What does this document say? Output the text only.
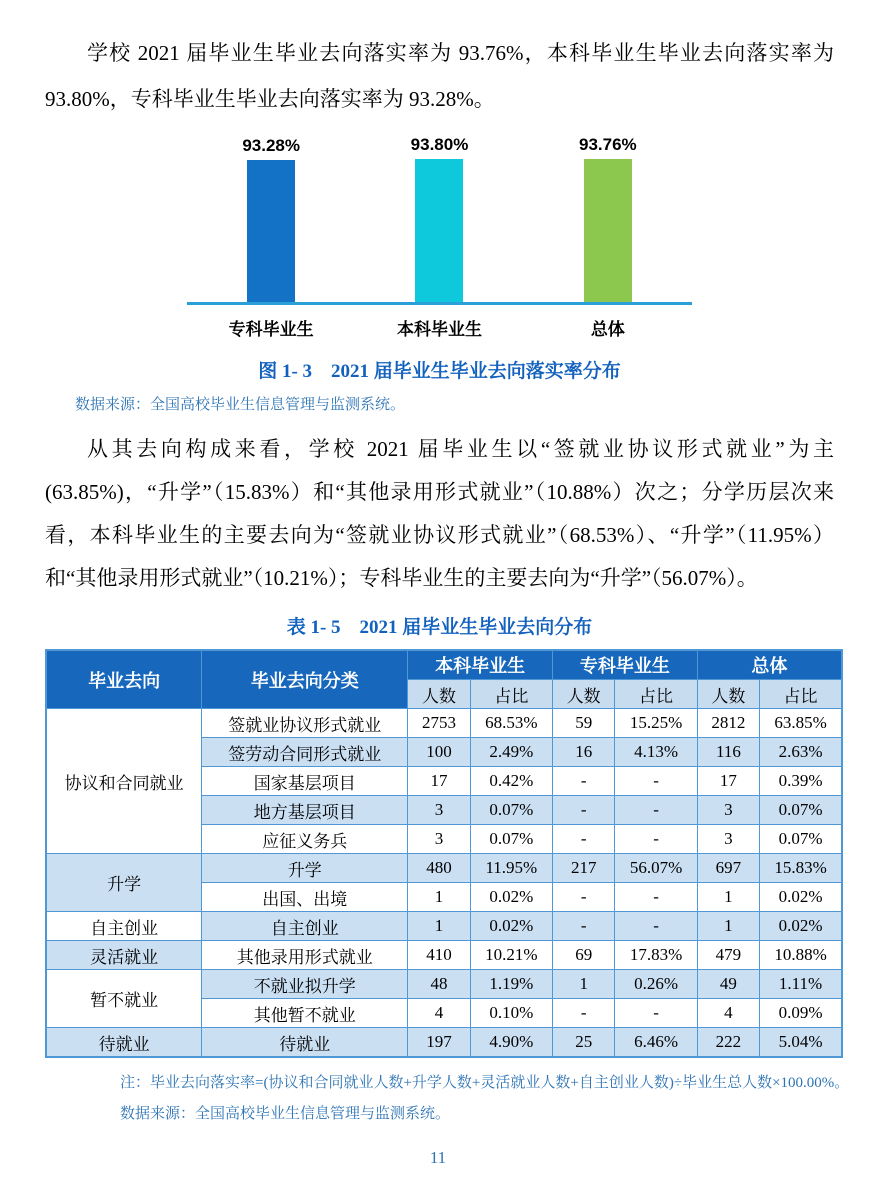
学校 2021 届毕业生毕业去向落实率为 93.76%，本科毕业生毕业去向落实率为 93.80%，专科毕业生毕业去向落实率为 93.28%。

93.28%	93.80%	93.76%
专科毕业生	本科毕业生	总体
图 1- 3　2021 届毕业生毕业去向落实率分布
数据来源：全国高校毕业生信息管理与监测系统。

从其去向构成来看，学校 2021 届毕业生以“签就业协议形式就业”为主(63.85%)，“升学”（15.83%）和“其他录用形式就业”（10.88%）次之；分学历层次来看，本科毕业生的主要去向为“签就业协议形式就业”（68.53%）、“升学”（11.95%）和“其他录用形式就业”（10.21%）；专科毕业生的主要去向为“升学”（56.07%）。

表 1- 5　2021 届毕业生毕业去向分布
毕业去向	毕业去向分类	本科毕业生		专科毕业生		总体	
		人数	占比	人数	占比	人数	占比
协议和合同就业	签就业协议形式就业	2753	68.53%	59	15.25%	2812	63.85%
	签劳动合同形式就业	100	2.49%	16	4.13%	116	2.63%
	国家基层项目	17	0.42%	-	-	17	0.39%
	地方基层项目	3	0.07%	-	-	3	0.07%
	应征义务兵	3	0.07%	-	-	3	0.07%
升学	升学	480	11.95%	217	56.07%	697	15.83%
	出国、出境	1	0.02%	-	-	1	0.02%
自主创业	自主创业	1	0.02%	-	-	1	0.02%
灵活就业	其他录用形式就业	410	10.21%	69	17.83%	479	10.88%
暂不就业	不就业拟升学	48	1.19%	1	0.26%	49	1.11%
	其他暂不就业	4	0.10%	-	-	4	0.09%
待就业	待就业	197	4.90%	25	6.46%	222	5.04%
注：毕业去向落实率=(协议和合同就业人数+升学人数+灵活就业人数+自主创业人数)÷毕业生总人数×100.00%。
数据来源：全国高校毕业生信息管理与监测系统。
11
